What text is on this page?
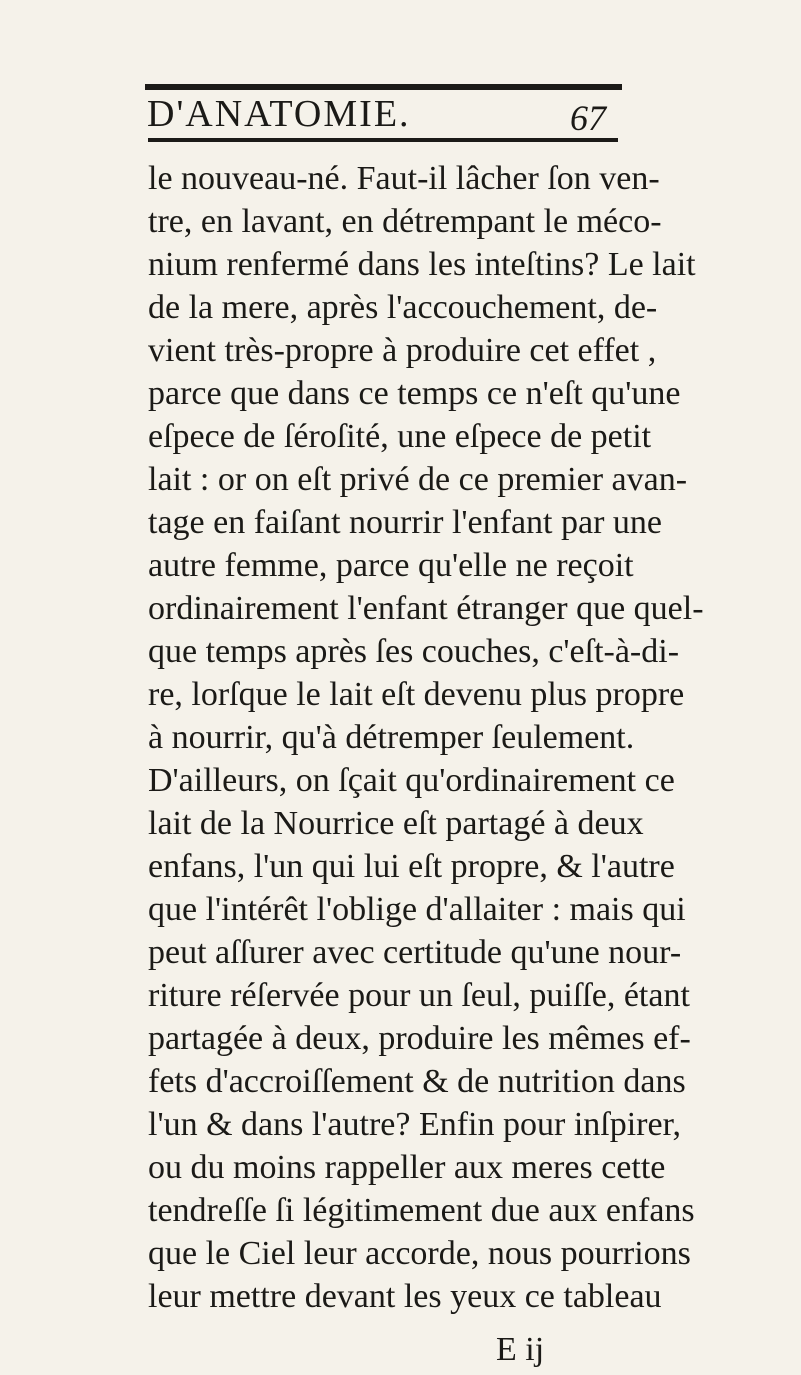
D'ANATOMIE.	67
le nouveau-né. Faut-il lâcher ſon ven-
tre, en lavant, en détrempant le méco-
nium renfermé dans les inteſtins? Le lait
de la mere, après l'accouchement, de-
vient très-propre à produire cet effet ,
parce que dans ce temps ce n'eſt qu'une
eſpece de ſéroſité, une eſpece de petit
lait : or on eſt privé de ce premier avan-
tage en faiſant nourrir l'enfant par une
autre femme, parce qu'elle ne reçoit
ordinairement l'enfant étranger que quel-
que temps après ſes couches, c'eſt-à-di-
re, lorſque le lait eſt devenu plus propre
à nourrir, qu'à détremper ſeulement.
D'ailleurs, on ſçait qu'ordinairement ce
lait de la Nourrice eſt partagé à deux
enfans, l'un qui lui eſt propre, & l'autre
que l'intérêt l'oblige d'allaiter : mais qui
peut aſſurer avec certitude qu'une nour-
riture réſervée pour un ſeul, puiſſe, étant
partagée à deux, produire les mêmes ef-
fets d'accroiſſement & de nutrition dans
l'un & dans l'autre? Enfin pour inſpirer,
ou du moins rappeller aux meres cette
tendreſſe ſi légitimement due aux enfans
que le Ciel leur accorde, nous pourrions
leur mettre devant les yeux ce tableau
E ij
